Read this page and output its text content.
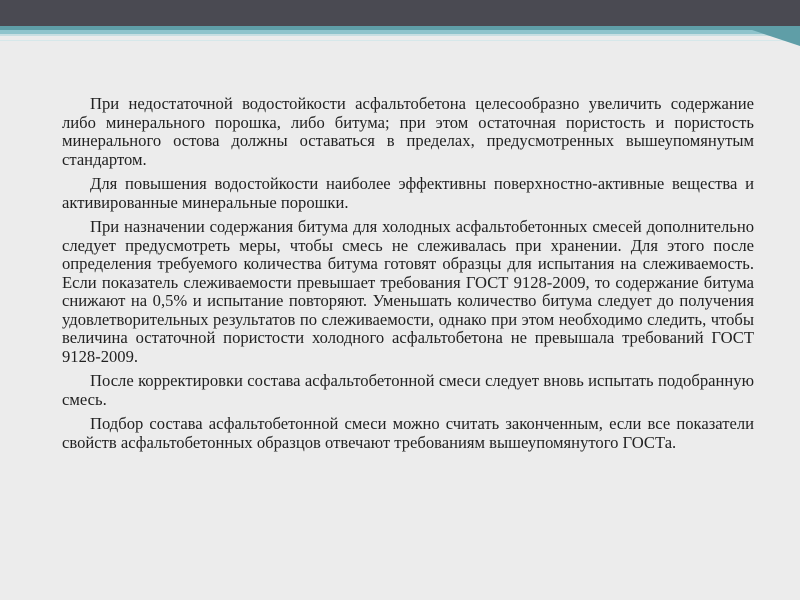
При недостаточной водостойкости асфальтобетона целесообразно увеличить содержание либо минерального порошка, либо битума; при этом остаточная пористость и пористость минерального остова должны оставаться в пределах, предусмотренных вышеупомянутым стандартом.

Для повышения водостойкости наиболее эффективны поверхностно-активные вещества и активированные минеральные порошки.

При назначении содержания битума для холодных асфальтобетонных смесей дополнительно следует предусмотреть меры, чтобы смесь не слеживалась при хранении. Для этого после определения требуемого количества битума готовят образцы для испытания на слеживаемость. Если показатель слеживаемости превышает требования ГОСТ 9128-2009, то содержание битума снижают на 0,5% и испытание повторяют. Уменьшать количество битума следует до получения удовлетворительных результатов по слеживаемости, однако при этом необходимо следить, чтобы величина остаточной пористости холодного асфальтобетона не превышала требований ГОСТ 9128-2009.

После корректировки состава асфальтобетонной смеси следует вновь испытать подобранную смесь.

Подбор состава асфальтобетонной смеси можно считать законченным, если все показатели свойств асфальтобетонных образцов отвечают требованиям вышеупомянутого ГОСТа.
